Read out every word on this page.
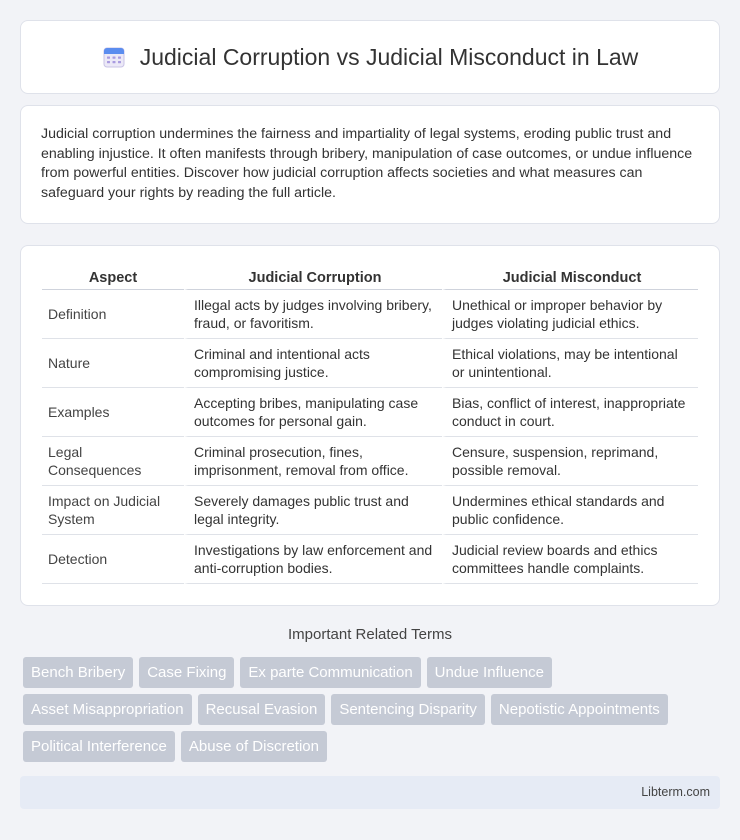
Judicial Corruption vs Judicial Misconduct in Law

Judicial corruption undermines the fairness and impartiality of legal systems, eroding public trust and enabling injustice. It often manifests through bribery, manipulation of case outcomes, or undue influence from powerful entities. Discover how judicial corruption affects societies and what measures can safeguard your rights by reading the full article.

Aspect	Judicial Corruption	Judicial Misconduct
Definition	Illegal acts by judges involving bribery, fraud, or favoritism.	Unethical or improper behavior by judges violating judicial ethics.
Nature	Criminal and intentional acts compromising justice.	Ethical violations, may be intentional or unintentional.
Examples	Accepting bribes, manipulating case outcomes for personal gain.	Bias, conflict of interest, inappropriate conduct in court.
Legal Consequences	Criminal prosecution, fines, imprisonment, removal from office.	Censure, suspension, reprimand, possible removal.
Impact on Judicial System	Severely damages public trust and legal integrity.	Undermines ethical standards and public confidence.
Detection	Investigations by law enforcement and anti-corruption bodies.	Judicial review boards and ethics committees handle complaints.
Important Related Terms
Bench Bribery	Case Fixing	Ex parte Communication	Undue Influence
Asset Misappropriation	Recusal Evasion	Sentencing Disparity	Nepotistic Appointments
Political Interference	Abuse of Discretion
Libterm.com
